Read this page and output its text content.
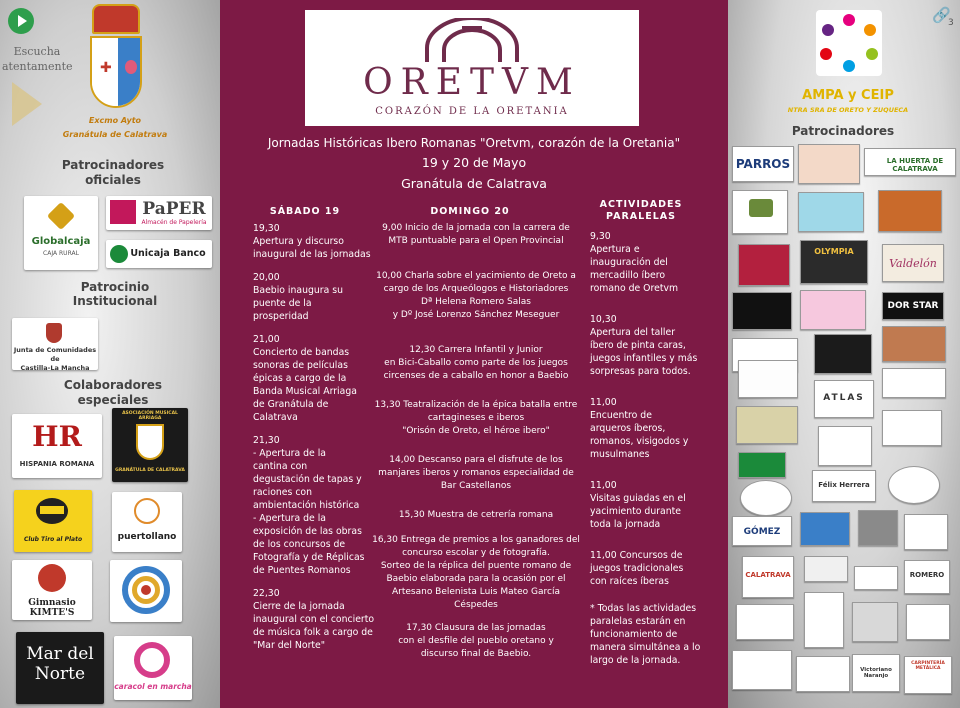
Escucha
atentamente ✚
Excmo Ayto
Granátula de Calatrava
Patrocinadores
oficiales
Globalcaja
CAJA RURAL
PaPER
Almacén de Papelería
Unicaja Banco
Patrocinio
Institucional
Junta de Comunidades de
Castilla-La Mancha
Colaboradores
especiales
HR
HISPANIA ROMANA
ASOCIACIÓN MUSICAL ARRIAGA
GRANÁTULA DE CALATRAVA
Club Tiro al Plato	puertollano
Gimnasio KIMTE'S
Mar del Norte
caracol en marcha
ORETVM
CORAZÓN DE LA ORETANIA
Jornadas Históricas Ibero Romanas "Oretvm, corazón de la Oretania"
19 y 20 de Mayo
Granátula de Calatrava
SÁBADO 19	DOMINGO 20
ACTIVIDADES
PARALELAS

19,30
Apertura y discurso
inaugural de las jornadas

20,00
Baebio inaugura su
puente de la
prosperidad

21,00
Concierto de bandas
sonoras de películas
épicas a cargo de la
Banda Musical Arriaga
de Granátula de
Calatrava

21,30
- Apertura de la
cantina con
degustación de tapas y
raciones con
ambientación histórica
- Apertura de la
exposición de las obras
de los concursos de
Fotografía y de Réplicas
de Puentes Romanos

22,30
Cierre de la jornada
inaugural con el concierto
de música folk a cargo de
"Mar del Norte"

9,00 Inicio de la jornada con la carrera de
MTB puntuable para el Open Provincial

10,00 Charla sobre el yacimiento de Oreto a
cargo de los Arqueólogos e Historiadores
Dª Helena Romero Salas
y Dº José Lorenzo Sánchez Meseguer

12,30 Carrera Infantil y Junior
en Bici-Caballo como parte de los juegos
circenses de a caballo en honor a Baebio

13,30 Teatralización de la épica batalla entre
cartagineses e iberos
"Orisón de Oreto, el héroe ibero"

14,00 Descanso para el disfrute de los
manjares iberos y romanos especialidad de
Bar Castellanos

15,30 Muestra de cetrería romana

16,30 Entrega de premios a los ganadores del
concurso escolar y de fotografía.
Sorteo de la réplica del puente romano de
Baebio elaborada para la ocasión por el
Artesano Belenista Luis Mateo García
Céspedes

17,30 Clausura de las jornadas
con el desfile del pueblo oretano y
discurso final de Baebio.

9,30
Apertura e
inauguración del
mercadillo íbero
romano de Oretvm

10,30
Apertura del taller
íbero de pinta caras,
juegos infantiles y más
sorpresas para todos.

11,00
Encuentro de
arqueros íberos,
romanos, visigodos y
musulmanes

11,00
Visitas guiadas en el
yacimiento durante
toda la jornada

11,00 Concursos de
juegos tradicionales
con raíces íberas

* Todas las actividades
paralelas estarán en
funcionamiento de
manera simultánea a lo
largo de la jornada.

🔗
3
AMPA y CEIP
NTRA SRA DE ORETO Y ZUQUECA
Patrocinadores
PARROS	LA HUERTA DE CALATRAVA
OLYMPIA
Valdelón
DOR STAR
ATLAS
Félix Herrera
GÓMEZ
CALATRAVA	ROMERO
Victoriano Naranjo
CARPINTERÍA METÁLICA
